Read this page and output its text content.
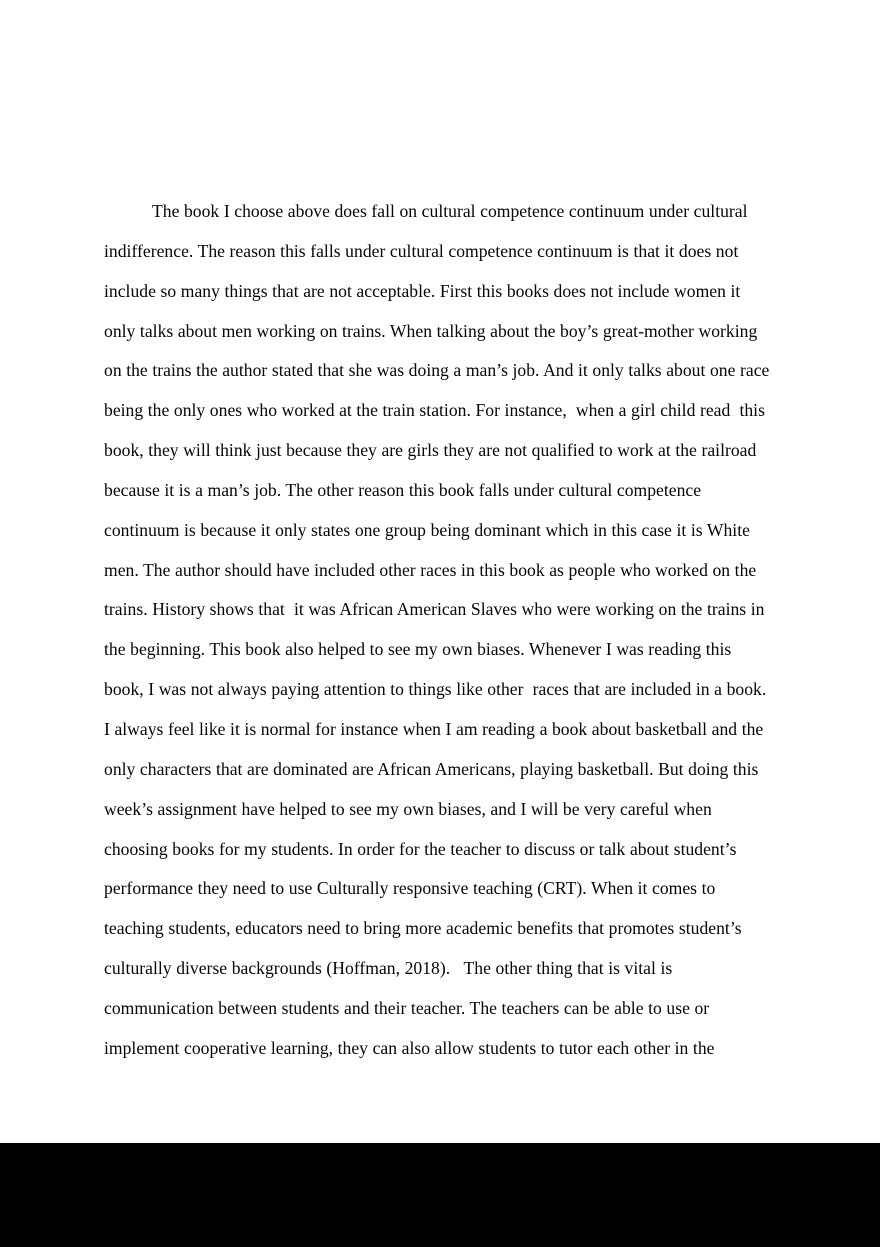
The book I choose above does fall on cultural competence continuum under cultural indifference. The reason this falls under cultural competence continuum is that it does not include so many things that are not acceptable. First this books does not include women it only talks about men working on trains. When talking about the boy’s great-mother working on the trains the author stated that she was doing a man’s job. And it only talks about one race being the only ones who worked at the train station. For instance,  when a girl child read  this book, they will think just because they are girls they are not qualified to work at the railroad because it is a man’s job. The other reason this book falls under cultural competence continuum is because it only states one group being dominant which in this case it is White men. The author should have included other races in this book as people who worked on the trains. History shows that  it was African American Slaves who were working on the trains in the beginning. This book also helped to see my own biases. Whenever I was reading this book, I was not always paying attention to things like other  races that are included in a book. I always feel like it is normal for instance when I am reading a book about basketball and the only characters that are dominated are African Americans, playing basketball. But doing this week’s assignment have helped to see my own biases, and I will be very careful when choosing books for my students. In order for the teacher to discuss or talk about student’s performance they need to use Culturally responsive teaching (CRT). When it comes to teaching students, educators need to bring more academic benefits that promotes student’s culturally diverse backgrounds (Hoffman, 2018).   The other thing that is vital is communication between students and their teacher. The teachers can be able to use or implement cooperative learning, they can also allow students to tutor each other in the
